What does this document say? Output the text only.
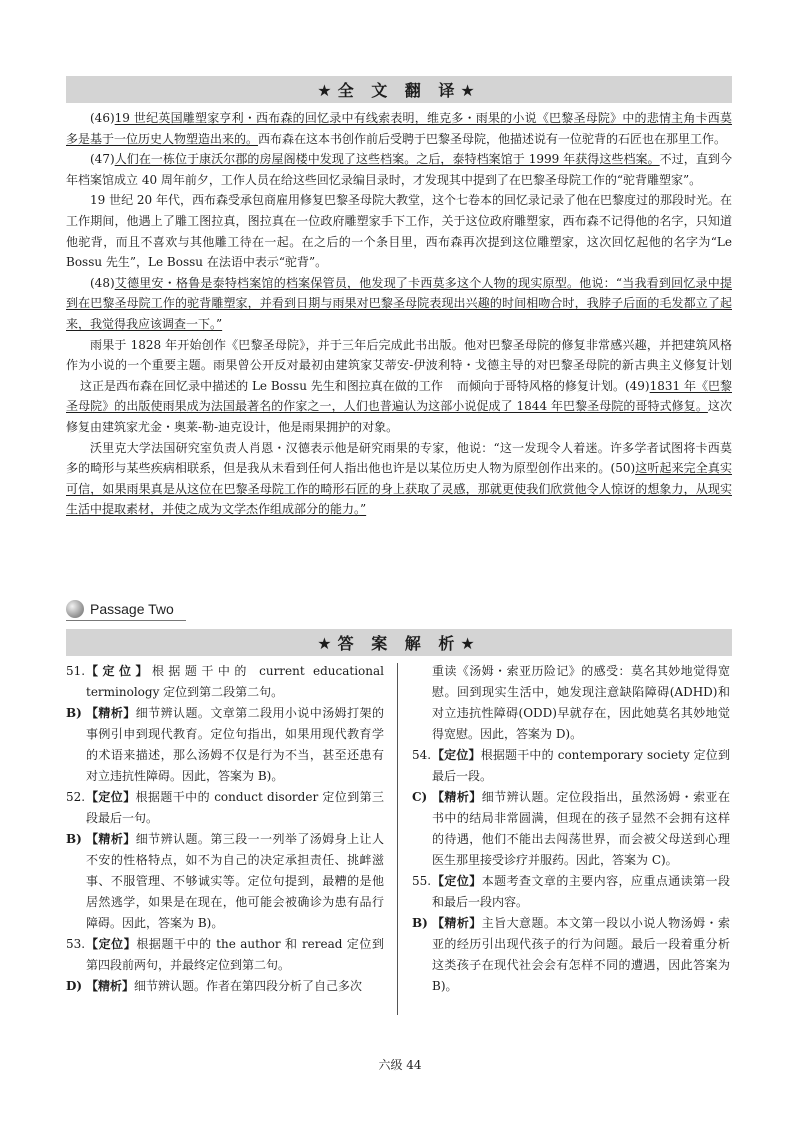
★全 文 翻 译★

(46)19 世纪英国雕塑家亨利・西布森的回忆录中有线索表明，维克多・雨果的小说《巴黎圣母院》中的悲情主角卡西莫多是基于一位历史人物塑造出来的。西布森在这本书创作前后受聘于巴黎圣母院，他描述说有一位驼背的石匠也在那里工作。

(47)人们在一栋位于康沃尔郡的房屋阁楼中发现了这些档案。之后，泰特档案馆于 1999 年获得这些档案。不过，直到今年档案馆成立 40 周年前夕，工作人员在给这些回忆录编目录时，才发现其中提到了在巴黎圣母院工作的“驼背雕塑家”。

19 世纪 20 年代，西布森受承包商雇用修复巴黎圣母院大教堂，这个七卷本的回忆录记录了他在巴黎度过的那段时光。在工作期间，他遇上了雕工图拉真，图拉真在一位政府雕塑家手下工作，关于这位政府雕塑家，西布森不记得他的名字，只知道他驼背，而且不喜欢与其他雕工待在一起。在之后的一个条目里，西布森再次提到这位雕塑家，这次回忆起他的名字为“Le Bossu 先生”，Le Bossu 在法语中表示“驼背”。

(48)艾德里安・格鲁是泰特档案馆的档案保管员，他发现了卡西莫多这个人物的现实原型。他说：“当我看到回忆录中提到在巴黎圣母院工作的驼背雕塑家，并看到日期与雨果对巴黎圣母院表现出兴趣的时间相吻合时，我脖子后面的毛发都立了起来，我觉得我应该调查一下。”

雨果于 1828 年开始创作《巴黎圣母院》，并于三年后完成此书出版。他对巴黎圣母院的修复非常感兴趣，并把建筑风格作为小说的一个重要主题。雨果曾公开反对最初由建筑家艾蒂安-伊波利特・戈德主导的对巴黎圣母院的新古典主义修复计划这正是西布森在回忆录中描述的 Le Bossu 先生和图拉真在做的工作 而倾向于哥特风格的修复计划。(49)1831 年《巴黎圣母院》的出版使雨果成为法国最著名的作家之一，人们也普遍认为这部小说促成了 1844 年巴黎圣母院的哥特式修复。这次修复由建筑家尤金・奥莱-勒-迪克设计，他是雨果拥护的对象。

沃里克大学法国研究室负责人肖恩・汉德表示他是研究雨果的专家，他说：“这一发现令人着迷。许多学者试图将卡西莫多的畸形与某些疾病相联系，但是我从未看到任何人指出他也许是以某位历史人物为原型创作出来的。(50)这听起来完全真实可信，如果雨果真是从这位在巴黎圣母院工作的畸形石匠的身上获取了灵感，那就更使我们欣赏他令人惊讶的想象力，从现实生活中提取素材，并使之成为文学杰作组成部分的能力。”

Passage Two
★答 案 解 析★

51. 【定位】根据题干中的 current educational terminology 定位到第二段第二句。

B) 【精析】细节辨认题。文章第二段用小说中汤姆打架的事例引申到现代教育。定位句指出，如果用现代教育学的术语来描述，那么汤姆不仅是行为不当，甚至还患有对立违抗性障碍。因此，答案为 B)。

52. 【定位】根据题干中的 conduct disorder 定位到第三段最后一句。

B) 【精析】细节辨认题。第三段一一列举了汤姆身上让人不安的性格特点，如不为自己的决定承担责任、挑衅滋事、不服管理、不够诚实等。定位句提到，最糟的是他居然逃学，如果是在现在，他可能会被确诊为患有品行障碍。因此，答案为 B)。

53. 【定位】根据题干中的 the author 和 reread 定位到第四段前两句，并最终定位到第二句。

D) 【精析】细节辨认题。作者在第四段分析了自己多次

重读《汤姆・索亚历险记》的感受：莫名其妙地觉得宽慰。回到现实生活中，她发现注意缺陷障碍(ADHD)和对立违抗性障碍(ODD)早就存在，因此她莫名其妙地觉得宽慰。因此，答案为 D)。

54. 【定位】根据题干中的 contemporary society 定位到最后一段。

C) 【精析】细节辨认题。定位段指出，虽然汤姆・索亚在书中的结局非常圆满，但现在的孩子显然不会拥有这样的待遇，他们不能出去闯荡世界，而会被父母送到心理医生那里接受诊疗并服药。因此，答案为 C)。

55. 【定位】本题考查文章的主要内容，应重点通读第一段和最后一段内容。

B) 【精析】主旨大意题。本文第一段以小说人物汤姆・索亚的经历引出现代孩子的行为问题。最后一段着重分析这类孩子在现代社会会有怎样不同的遭遇，因此答案为 B)。

六级 44
